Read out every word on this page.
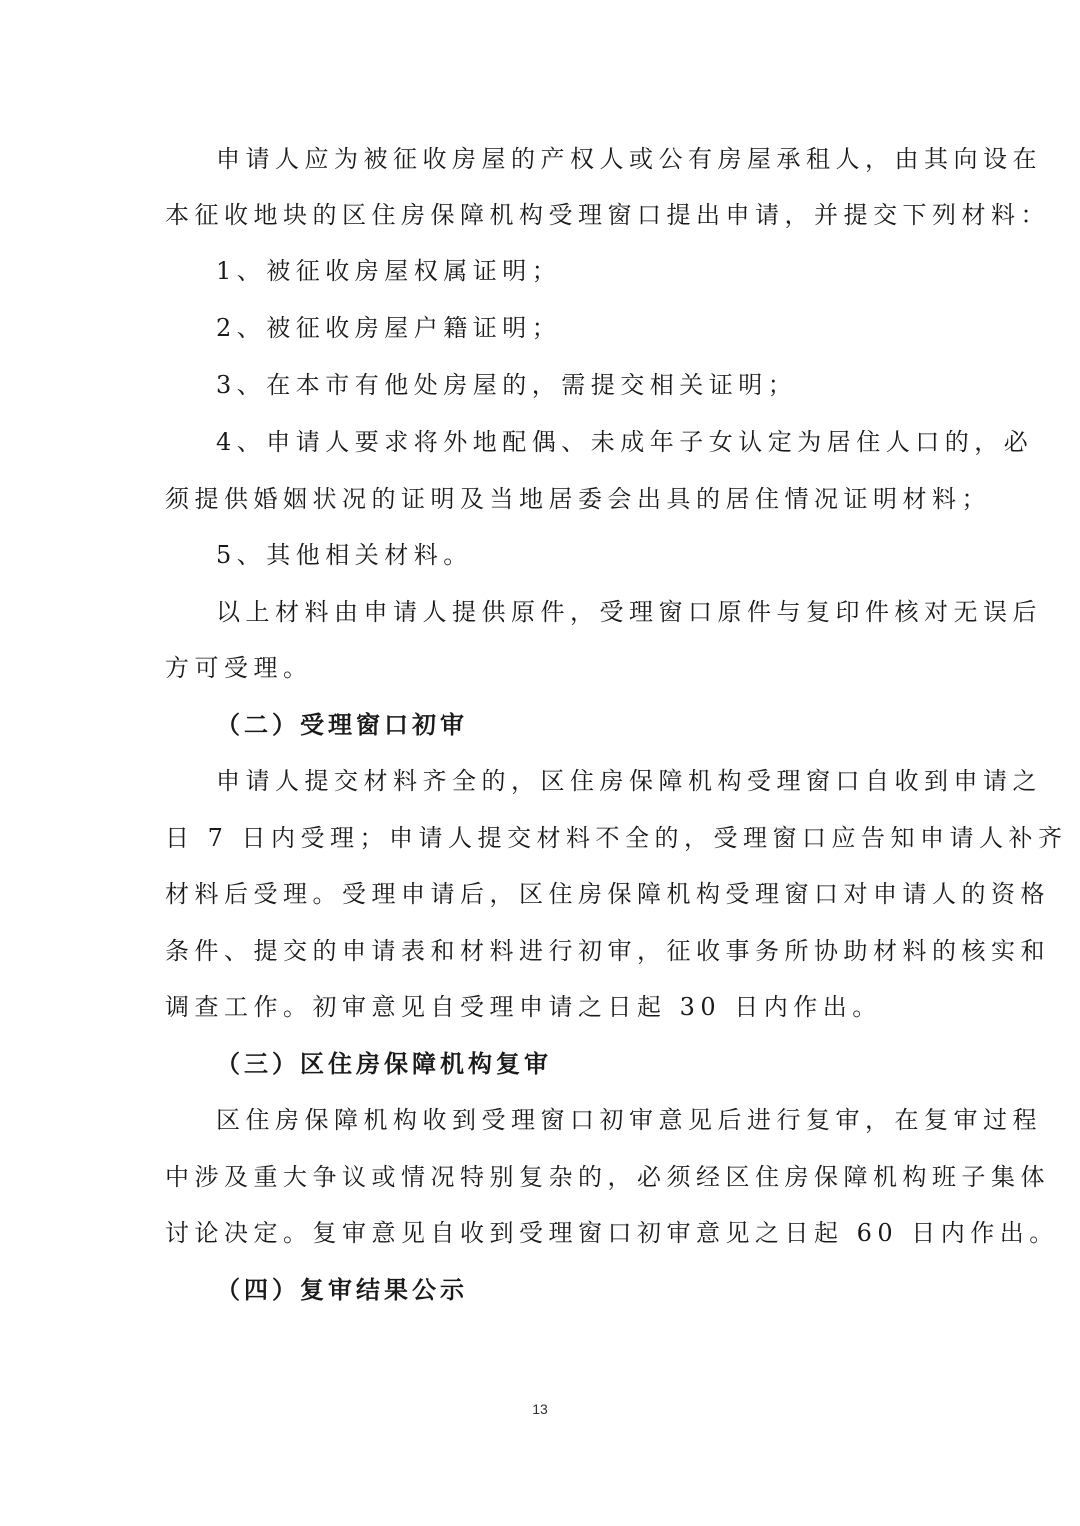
申请人应为被征收房屋的产权人或公有房屋承租人，由其向设在

本征收地块的区住房保障机构受理窗口提出申请，并提交下列材料：

1、被征收房屋权属证明；

2、被征收房屋户籍证明；

3、在本市有他处房屋的，需提交相关证明；

4、申请人要求将外地配偶、未成年子女认定为居住人口的，必

须提供婚姻状况的证明及当地居委会出具的居住情况证明材料；

5、其他相关材料。

以上材料由申请人提供原件，受理窗口原件与复印件核对无误后

方可受理。

（二）受理窗口初审

申请人提交材料齐全的，区住房保障机构受理窗口自收到申请之

日 7 日内受理；申请人提交材料不全的，受理窗口应告知申请人补齐

材料后受理。受理申请后，区住房保障机构受理窗口对申请人的资格

条件、提交的申请表和材料进行初审，征收事务所协助材料的核实和

调查工作。初审意见自受理申请之日起 30 日内作出。

（三）区住房保障机构复审

区住房保障机构收到受理窗口初审意见后进行复审，在复审过程

中涉及重大争议或情况特别复杂的，必须经区住房保障机构班子集体

讨论决定。复审意见自收到受理窗口初审意见之日起 60 日内作出。

（四）复审结果公示

13
